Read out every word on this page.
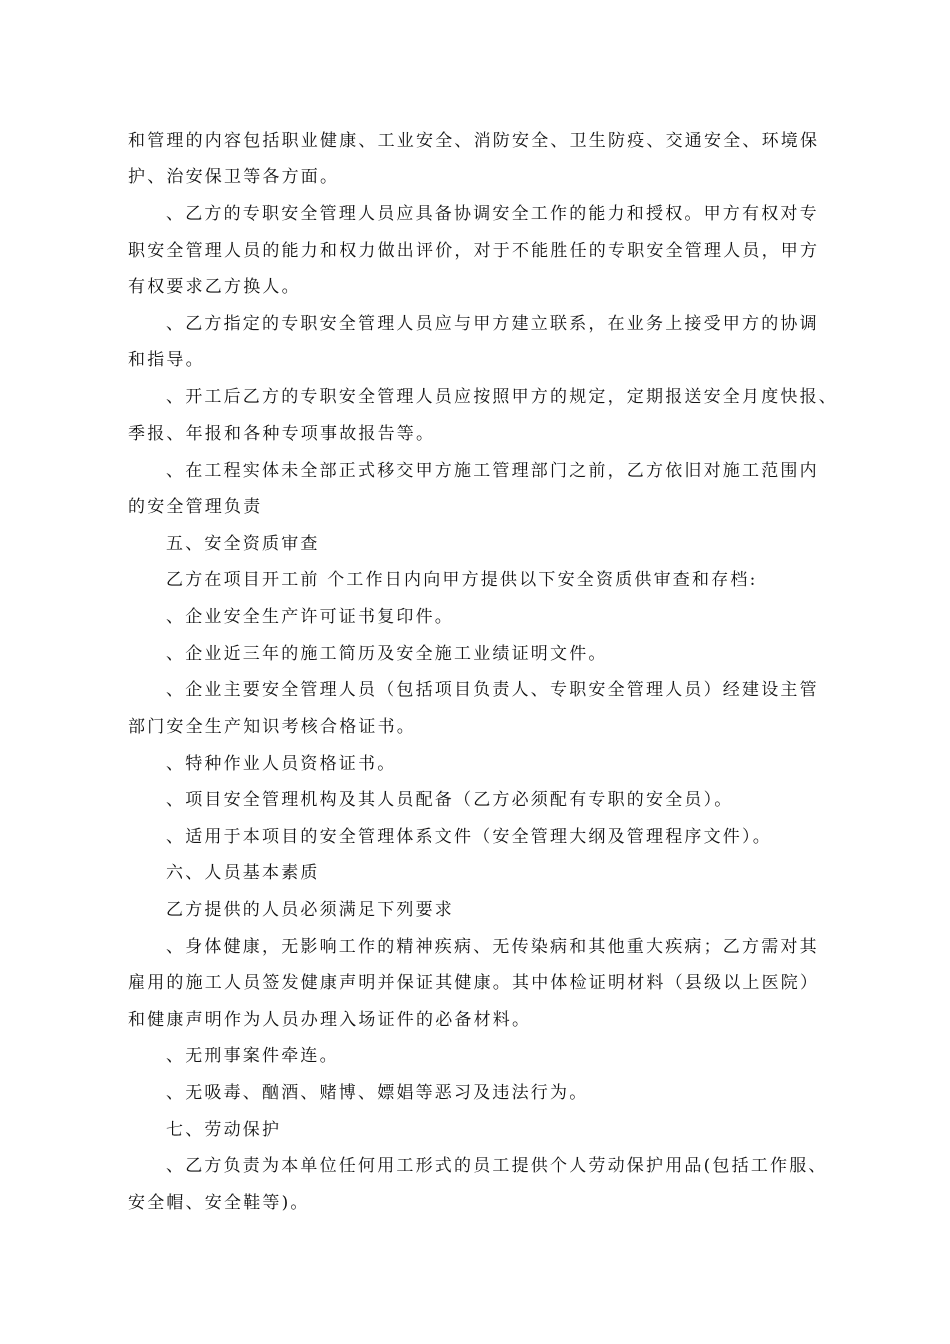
和管理的内容包括职业健康、工业安全、消防安全、卫生防疫、交通安全、环境保
护、治安保卫等各方面。
、乙方的专职安全管理人员应具备协调安全工作的能力和授权。甲方有权对专
职安全管理人员的能力和权力做出评价，对于不能胜任的专职安全管理人员，甲方
有权要求乙方换人。
、乙方指定的专职安全管理人员应与甲方建立联系，在业务上接受甲方的协调
和指导。
、开工后乙方的专职安全管理人员应按照甲方的规定，定期报送安全月度快报、
季报、年报和各种专项事故报告等。
、在工程实体未全部正式移交甲方施工管理部门之前，乙方依旧对施工范围内
的安全管理负责
五、安全资质审查
乙方在项目开工前 个工作日内向甲方提供以下安全资质供审查和存档:
、企业安全生产许可证书复印件。
、企业近三年的施工简历及安全施工业绩证明文件。
、企业主要安全管理人员（包括项目负责人、专职安全管理人员）经建设主管
部门安全生产知识考核合格证书。
、特种作业人员资格证书。
、项目安全管理机构及其人员配备（乙方必须配有专职的安全员）。
、适用于本项目的安全管理体系文件（安全管理大纲及管理程序文件）。
六、人员基本素质
乙方提供的人员必须满足下列要求
、身体健康，无影响工作的精神疾病、无传染病和其他重大疾病；乙方需对其
雇用的施工人员签发健康声明并保证其健康。其中体检证明材料（县级以上医院）
和健康声明作为人员办理入场证件的必备材料。
、无刑事案件牵连。
、无吸毒、酗酒、赌博、嫖娼等恶习及违法行为。
七、劳动保护
、乙方负责为本单位任何用工形式的员工提供个人劳动保护用品(包括工作服、
安全帽、安全鞋等)。
